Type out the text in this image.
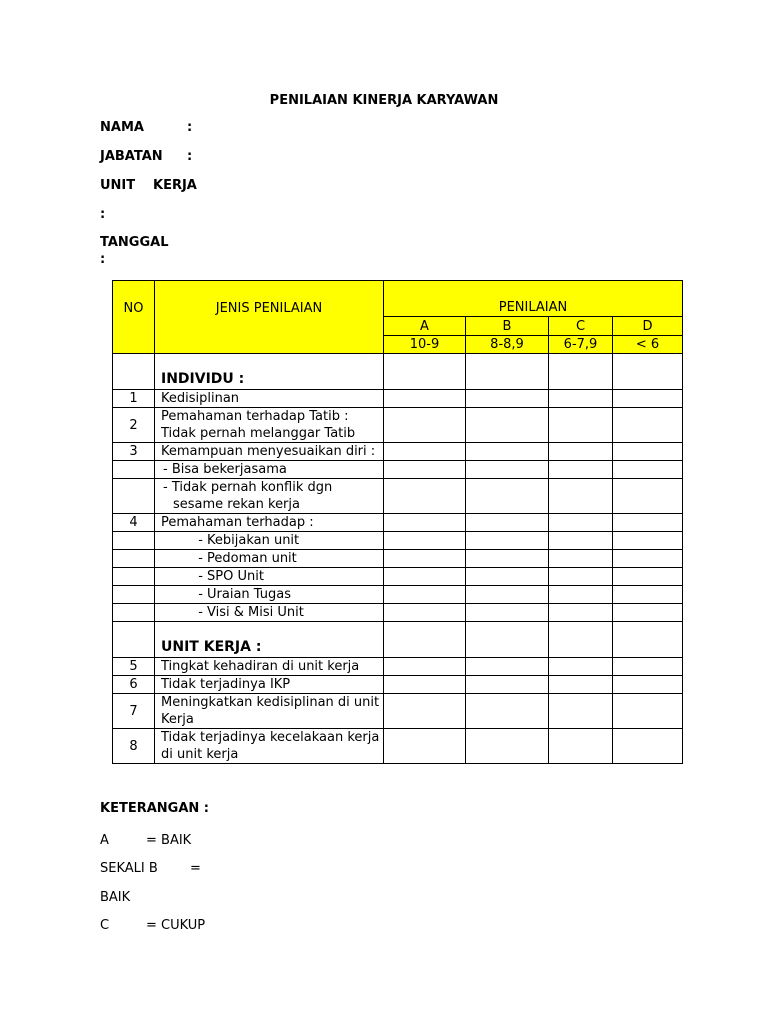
PENILAIAN KINERJA KARYAWAN
NAMA	:
JABATAN :
UNIT KERJA
:
TANGGAL
:
NO	JENIS PENILAIAN	PENILAIAN			
		A	B	C	D
		10-9	8-8,9	6-7,9	< 6
	INDIVIDU :				
1	Kedisiplinan				
2	Pemahaman terhadap Tatib :
Tidak pernah melanggar Tatib				

3	Kemampuan menyesuaikan diri :				
	- Bisa bekerjasama				

	- Tidak pernah konflik dgn
sesame rekan kerja				

4	Pemahaman terhadap :				
	- Kebijakan unit				
	- Pedoman unit				
	- SPO Unit				
	- Uraian Tugas				
	- Visi & Misi Unit				
	UNIT KERJA :				
5	Tingkat kehadiran di unit kerja				
6	Tidak terjadinya IKP				
7	Meningkatkan kedisiplinan di unit
Kerja				

8	Tidak terjadinya kecelakaan kerja
di unit kerja				

KETERANGAN :
A	= BAIK
SEKALI B =
BAIK
C	= CUKUP
